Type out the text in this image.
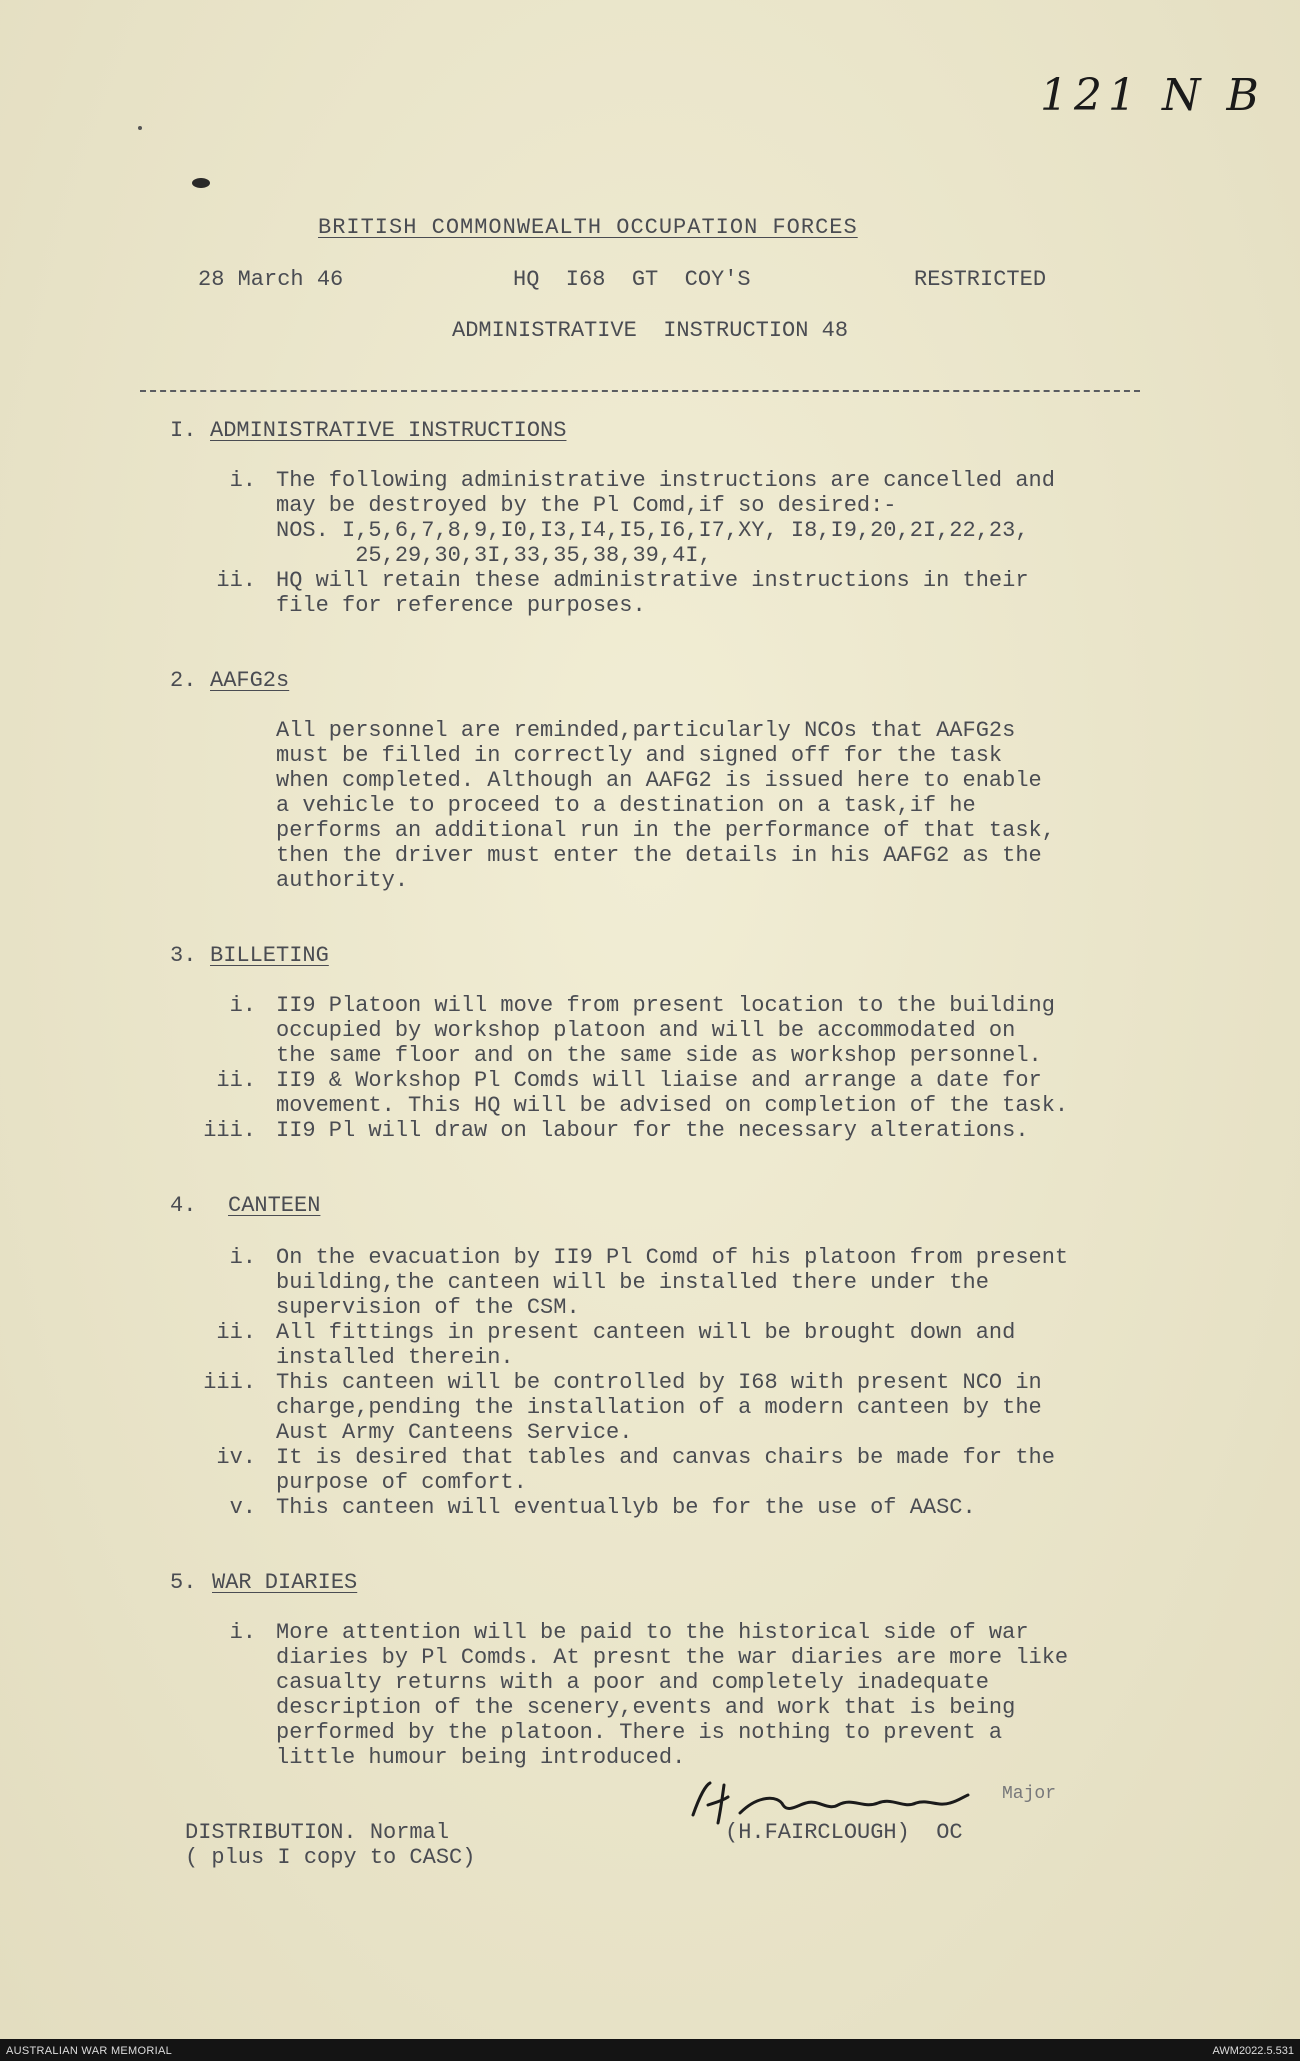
121 N B
BRITISH COMMONWEALTH OCCUPATION FORCES
28 March 46	HQ  I68  GT  COY'S	RESTRICTED
ADMINISTRATIVE  INSTRUCTION 48
I. ADMINISTRATIVE INSTRUCTIONS
i. The following administrative instructions are cancelled and
may be destroyed by the Pl Comd,if so desired:-
NOS. I,5,6,7,8,9,I0,I3,I4,I5,I6,I7,XY, I8,I9,20,2I,22,23,
25,29,30,3I,33,35,38,39,4I,
ii. HQ will retain these administrative instructions in their
file for reference purposes.
2. AAFG2s
All personnel are reminded,particularly NCOs that AAFG2s
must be filled in correctly and signed off for the task
when completed. Although an AAFG2 is issued here to enable
a vehicle to proceed to a destination on a task,if he
performs an additional run in the performance of that task,
then the driver must enter the details in his AAFG2 as the
authority.
3. BILLETING
i. II9 Platoon will move from present location to the building
occupied by workshop platoon and will be accommodated on
the same floor and on the same side as workshop personnel.
ii. II9 & Workshop Pl Comds will liaise and arrange a date for
movement. This HQ will be advised on completion of the task.
iii. II9 Pl will draw on labour for the necessary alterations.
4. CANTEEN
i. On the evacuation by II9 Pl Comd of his platoon from present
building,the canteen will be installed there under the
supervision of the CSM.
ii. All fittings in present canteen will be brought down and
installed therein.
iii. This canteen will be controlled by I68 with present NCO in
charge,pending the installation of a modern canteen by the
Aust Army Canteens Service.
iv. It is desired that tables and canvas chairs be made for the
purpose of comfort.
v. This canteen will eventuallyb be for the use of AASC.
5. WAR DIARIES
i. More attention will be paid to the historical side of war
diaries by Pl Comds. At presnt the war diaries are more like
casualty returns with a poor and completely inadequate
description of the scenery,events and work that is being
performed by the platoon. There is nothing to prevent a
little humour being introduced.
Major
DISTRIBUTION. Normal
( plus I copy to CASC)
(H.FAIRCLOUGH)  OC
AUSTRALIAN WAR MEMORIAL	AWM2022.5.531
